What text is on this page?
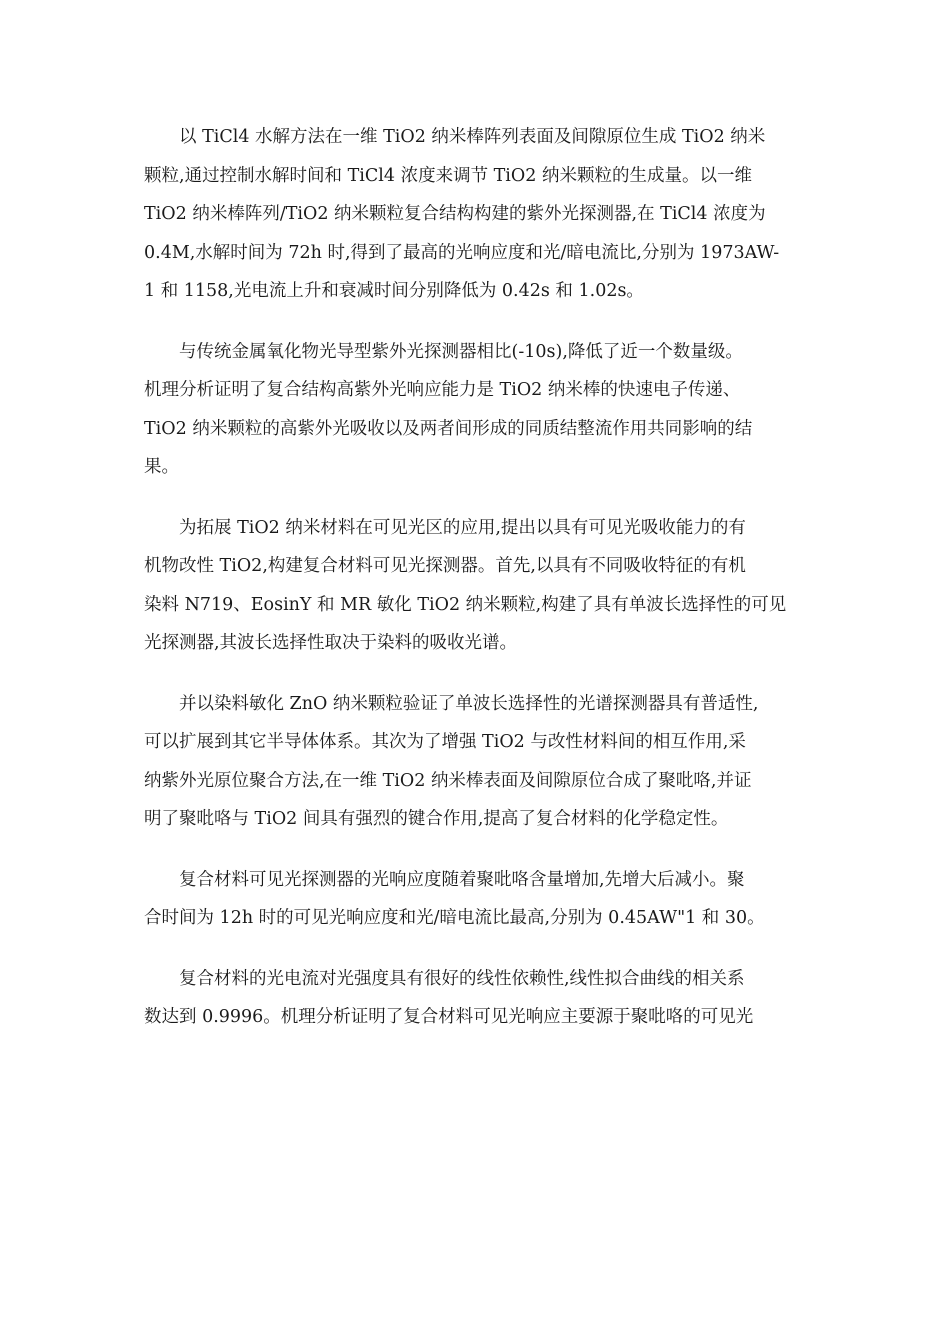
以 TiCl4 水解方法在一维 TiO2 纳米棒阵列表面及间隙原位生成 TiO2 纳米
颗粒,通过控制水解时间和 TiCl4 浓度来调节 TiO2 纳米颗粒的生成量。以一维
TiO2 纳米棒阵列/TiO2 纳米颗粒复合结构构建的紫外光探测器,在 TiCl4 浓度为
0.4M,水解时间为 72h 时,得到了最高的光响应度和光/暗电流比,分别为 1973AW-
1 和 1158,光电流上升和衰减时间分别降低为 0.42s 和 1.02s。

与传统金属氧化物光导型紫外光探测器相比(-10s),降低了近一个数量级。
机理分析证明了复合结构高紫外光响应能力是 TiO2 纳米棒的快速电子传递、
TiO2 纳米颗粒的高紫外光吸收以及两者间形成的同质结整流作用共同影响的结
果。

为拓展 TiO2 纳米材料在可见光区的应用,提出以具有可见光吸收能力的有
机物改性 TiO2,构建复合材料可见光探测器。首先,以具有不同吸收特征的有机
染料 N719、EosinY 和 MR 敏化 TiO2 纳米颗粒,构建了具有单波长选择性的可见
光探测器,其波长选择性取决于染料的吸收光谱。

并以染料敏化 ZnO 纳米颗粒验证了单波长选择性的光谱探测器具有普适性,
可以扩展到其它半导体体系。其次为了增强 TiO2 与改性材料间的相互作用,采
纳紫外光原位聚合方法,在一维 TiO2 纳米棒表面及间隙原位合成了聚吡咯,并证
明了聚吡咯与 TiO2 间具有强烈的键合作用,提高了复合材料的化学稳定性。

复合材料可见光探测器的光响应度随着聚吡咯含量增加,先增大后减小。聚
合时间为 12h 时的可见光响应度和光/暗电流比最高,分别为 0.45AW"1 和 30。

复合材料的光电流对光强度具有很好的线性依赖性,线性拟合曲线的相关系
数达到 0.9996。机理分析证明了复合材料可见光响应主要源于聚吡咯的可见光
